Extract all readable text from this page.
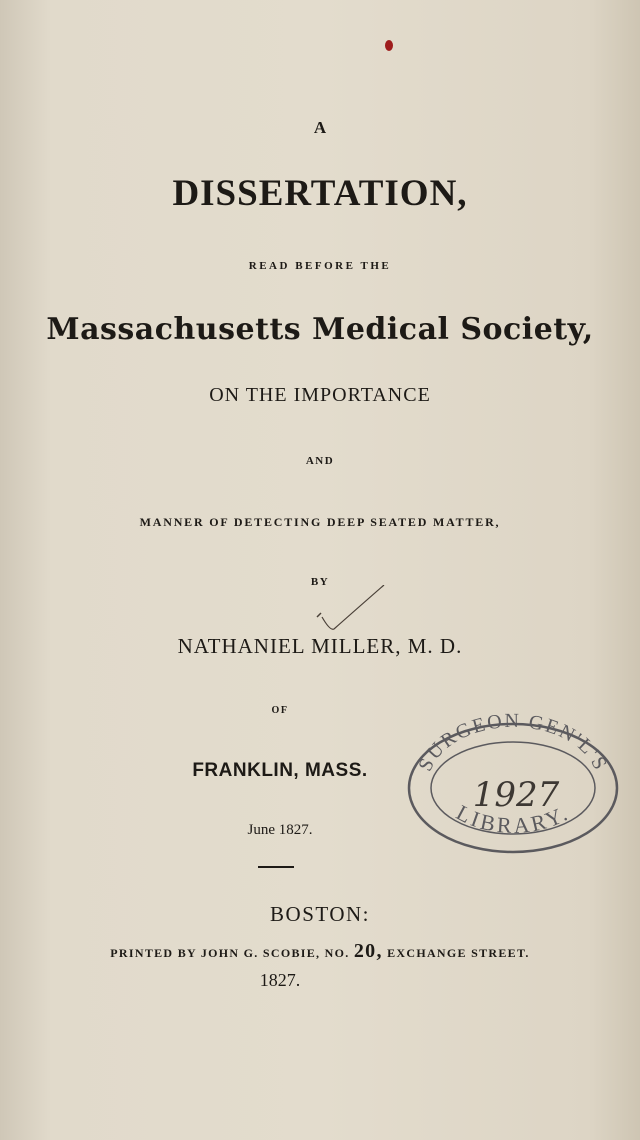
A
DISSERTATION,
READ BEFORE THE
Massachusetts Medical Society,
ON THE IMPORTANCE
AND
MANNER OF DETECTING DEEP SEATED MATTER,
BY
NATHANIEL MILLER, M. D.
OF
FRANKLIN, MASS.
June 1827.
BOSTON:
PRINTED BY JOHN G. SCOBIE, NO. 20, EXCHANGE STREET.
1827.
SURGEON GEN'L'S
LIBRARY.
1927
